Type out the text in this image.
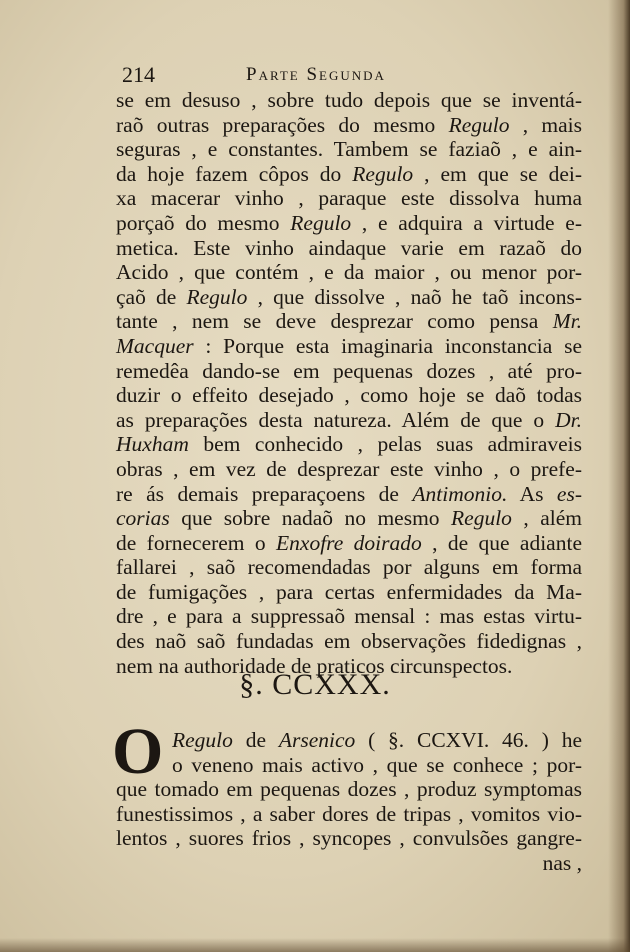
214	Parte Segunda
se em desuso , sobre tudo depois que se inventá-
raõ outras preparações do mesmo Regulo , mais
seguras , e constantes. Tambem se faziaõ , e ain-
da hoje fazem côpos do Regulo , em que se dei-
xa macerar vinho , paraque este dissolva huma
porçaõ do mesmo Regulo , e adquira a virtude e-
metica. Este vinho aindaque varie em razaõ do
Acido , que contém , e da maior , ou menor por-
çaõ de Regulo , que dissolve , naõ he taõ incons-
tante , nem se deve desprezar como pensa Mr.
Macquer : Porque esta imaginaria inconstancia se
remedêa dando-se em pequenas dozes , até pro-
duzir o effeito desejado , como hoje se daõ todas
as preparações desta natureza. Além de que o Dr.
Huxham bem conhecido , pelas suas admiraveis
obras , em vez de desprezar este vinho , o prefe-
re ás demais preparaçoens de Antimonio. As es-
corias que sobre nadaõ no mesmo Regulo , além
de fornecerem o Enxofre doirado , de que adiante
fallarei , saõ recomendadas por alguns em forma
de fumigações , para certas enfermidades da Ma-
dre , e para a suppressaõ mensal : mas estas virtu-
des naõ saõ fundadas em observações fidedignas ,
nem na authoridade de praticos circunspectos.
§. CCXXX.
O Regulo de Arsenico ( §. CCXVI. 46. ) he
o veneno mais activo , que se conhece ; por-
que tomado em pequenas dozes , produz symptomas
funestissimos , a saber dores de tripas , vomitos vio-
lentos , suores frios , syncopes , convulsões gangre-
nas ,
